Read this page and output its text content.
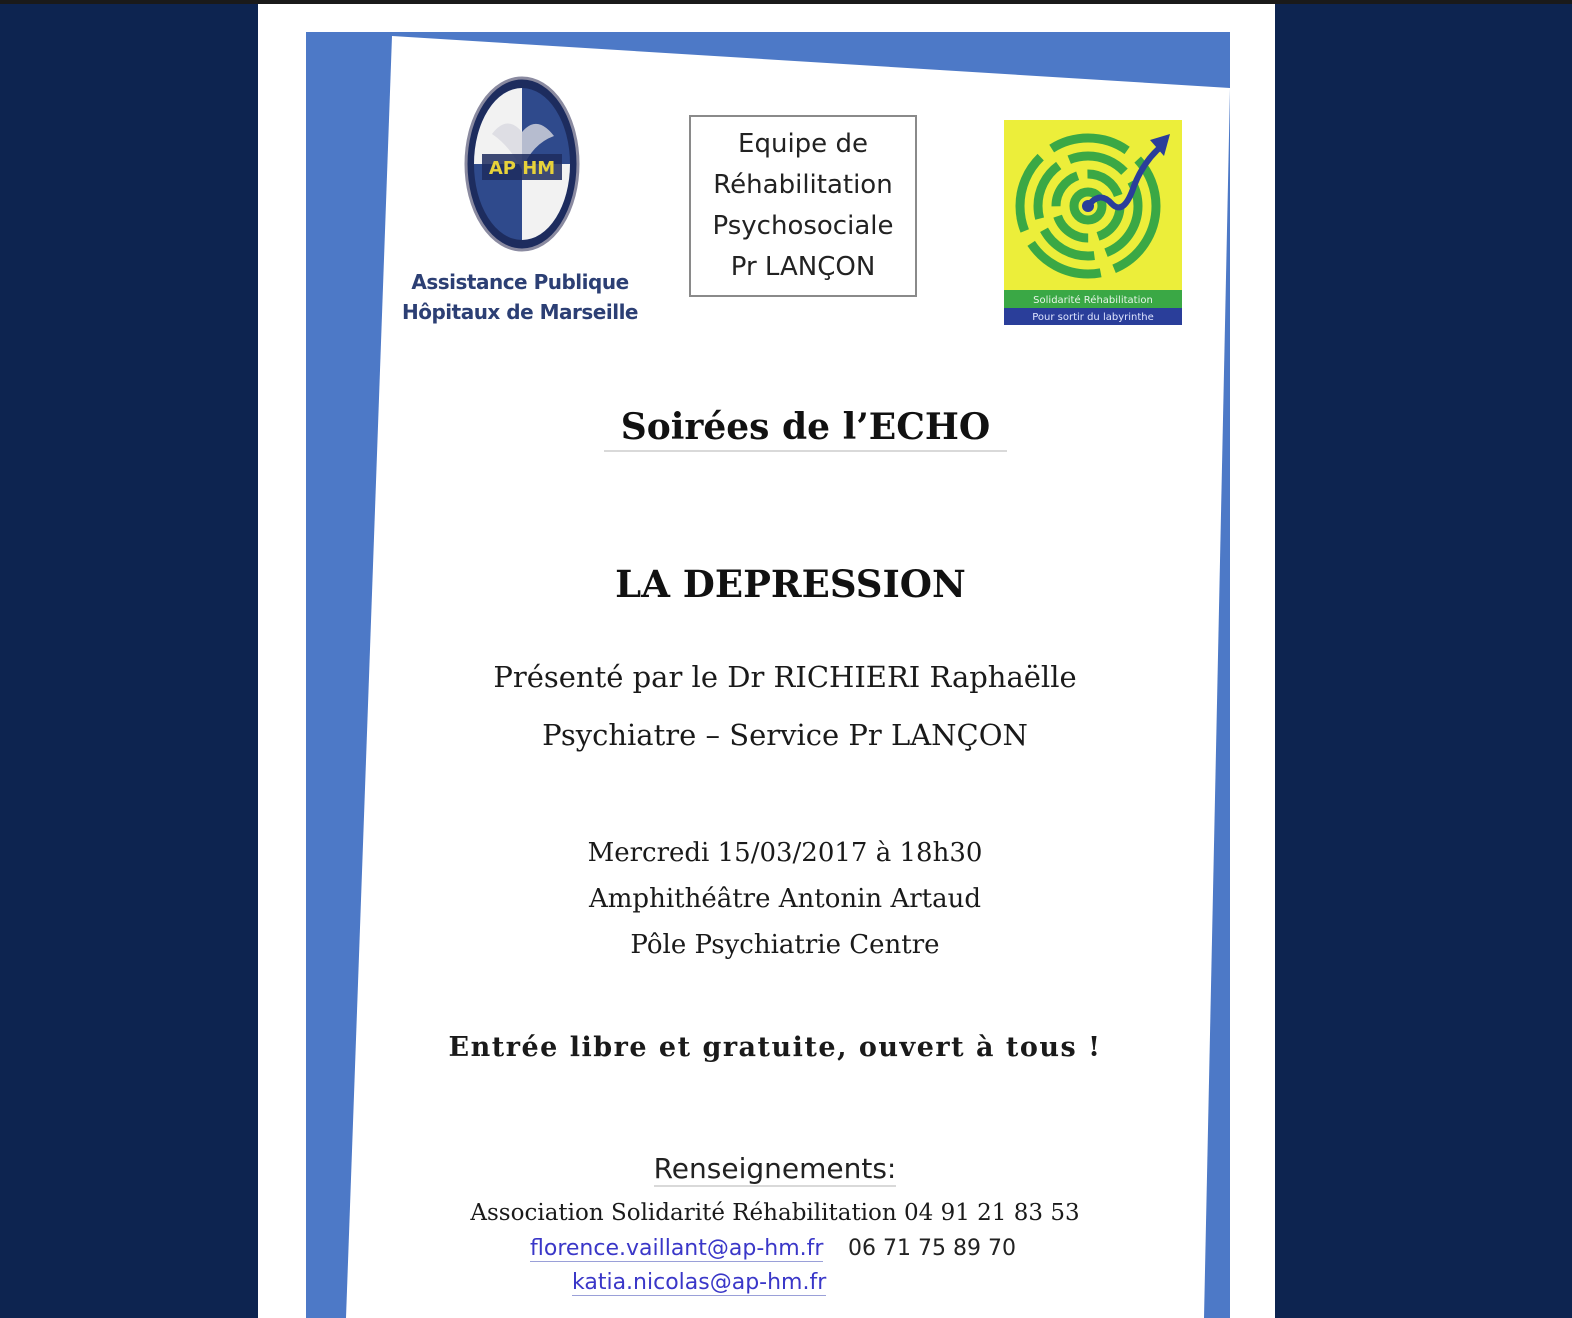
AP HM
Assistance Publique
Hôpitaux de Marseille
Equipe de
Réhabilitation
Psychosociale
Pr LANÇON
Solidarité Réhabilitation
Pour sortir du labyrinthe
Soirées de l’ECHO
LA DEPRESSION
Présenté par le Dr RICHIERI Raphaëlle
Psychiatre – Service Pr LANÇON
Mercredi 15/03/2017 à 18h30
Amphithéâtre Antonin Artaud
Pôle Psychiatrie Centre
Entrée libre et gratuite, ouvert à tous !
Renseignements:
Association Solidarité Réhabilitation 04 91 21 83 53
florence.vaillant@ap-hm.fr 06 71 75 89 70
katia.nicolas@ap-hm.fr
